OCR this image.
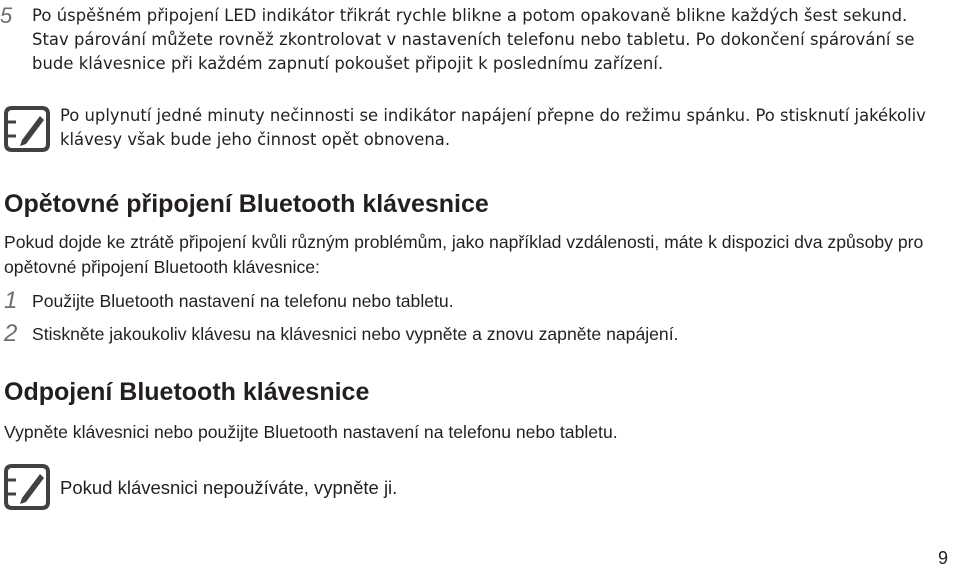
5	Po úspěšném připojení LED indikátor třikrát rychle blikne a potom opakovaně blikne každých šest sekund. Stav párování můžete rovněž zkontrolovat v nastaveních telefonu nebo tabletu. Po dokončení spárování se bude klávesnice při každém zapnutí pokoušet připojit k poslednímu zařízení.
Po uplynutí jedné minuty nečinnosti se indikátor napájení přepne do režimu spánku. Po stisknutí jakékoliv klávesy však bude jeho činnost opět obnovena.
Opětovné připojení Bluetooth klávesnice
Pokud dojde ke ztrátě připojení kvůli různým problémům, jako například vzdálenosti, máte k dispozici dva způsoby pro opětovné připojení Bluetooth klávesnice:
1 Použijte Bluetooth nastavení na telefonu nebo tabletu.
2 Stiskněte jakoukoliv klávesu na klávesnici nebo vypněte a znovu zapněte napájení.
Odpojení Bluetooth klávesnice
Vypněte klávesnici nebo použijte Bluetooth nastavení na telefonu nebo tabletu.
Pokud klávesnici nepoužíváte, vypněte ji.
9
